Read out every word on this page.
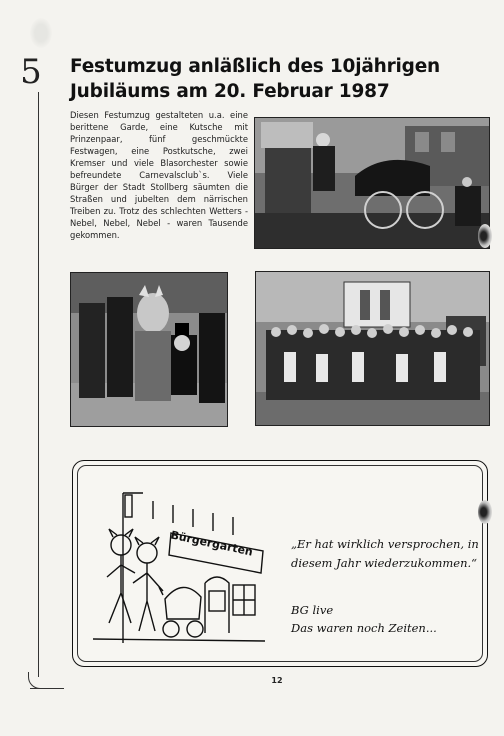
5 Festumzug anläßlich des 10jährigen Jubiläums am 20. Februar 1987

Diesen Festumzug gestalteten u.a. eine berittene Garde, eine Kutsche mit Prinzenpaar, fünf geschmückte Festwagen, eine Postkutsche, zwei Kremser und viele Blasorchester sowie befreundete Carnevalsclub`s. Viele Bürger der Stadt Stollberg säumten die Straßen und jubelten dem närrischen Treiben zu. Trotz des schlechten Wetters - Nebel, Nebel, Nebel - waren Tausende gekommen.

Bürgergarten	„Er hat wirklich versprochen, in diesem Jahr wiederzukommen.“

BG live

Das waren noch Zeiten...

12
